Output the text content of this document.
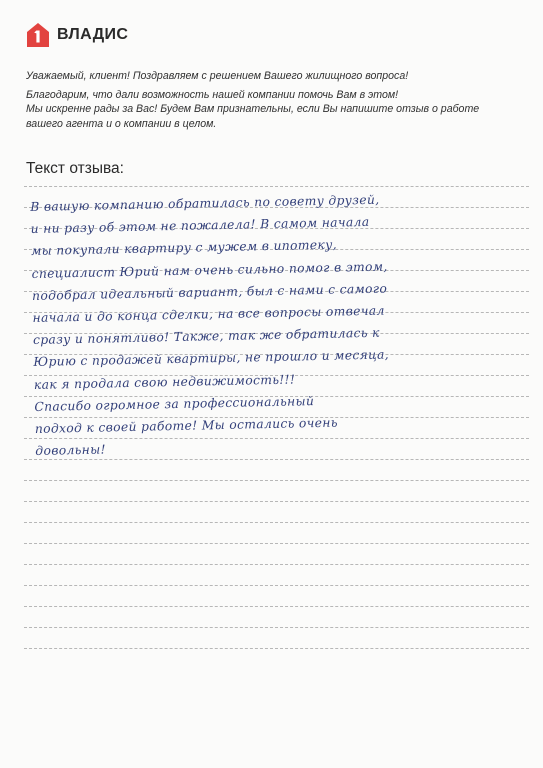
ВЛАДИС

Уважаемый, клиент! Поздравляем с решением Вашего жилищного вопроса!

Благодарим, что дали возможность нашей компании помочь Вам в этом!

Мы искренне рады за Вас! Будем Вам признательны, если Вы напишите отзыв о работе

вашего агента и о компании в целом.

Текст отзыва:
В вашую компанию обратилась по совету друзей,
и ни разу об этом не пожалела! В самом начала
мы покупали квартиру с мужем в ипотеку,
специалист Юрий нам очень сильно помог в этом,
подобрал идеальный вариант, был с нами с самого
начала и до конца сделки, на все вопросы отвечал
сразу и понятливо! Также, так же обратилась к
Юрию с продажей квартиры, не прошло и месяца,
как я продала свою недвижимость!!!
Спасибо огромное за профессиональный
подход к своей работе! Мы остались очень
довольны!
